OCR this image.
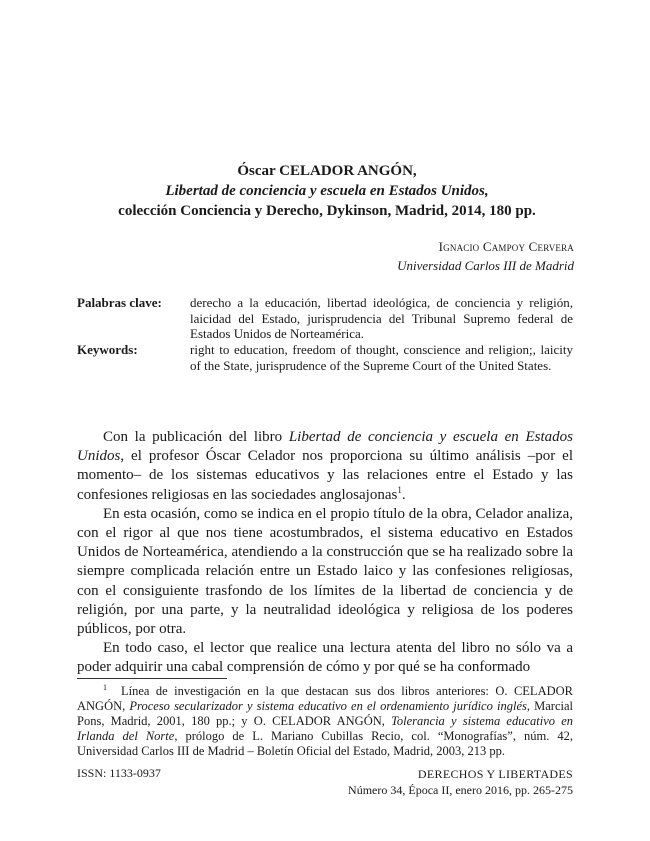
Óscar CELADOR ANGÓN,
Libertad de conciencia y escuela en Estados Unidos,
colección Conciencia y Derecho, Dykinson, Madrid, 2014, 180 pp.
Ignacio Campoy Cervera
Universidad Carlos III de Madrid
Palabras clave: derecho a la educación, libertad ideológica, de conciencia y religión, laicidad del Estado, jurisprudencia del Tribunal Supremo federal de Estados Unidos de Norteamérica.
Keywords:	right to education, freedom of thought, conscience and religion;, laicity of the State, jurisprudence of the Supreme Court of the United States.

Con la publicación del libro Libertad de conciencia y escuela en Estados Unidos, el profesor Óscar Celador nos proporciona su último análisis –por el momento– de los sistemas educativos y las relaciones entre el Estado y las confesiones religiosas en las sociedades anglosajonas$^1$.

En esta ocasión, como se indica en el propio título de la obra, Celador analiza, con el rigor al que nos tiene acostumbrados, el sistema educativo en Estados Unidos de Norteamérica, atendiendo a la construcción que se ha realizado sobre la siempre complicada relación entre un Estado laico y las confesiones religiosas, con el consiguiente trasfondo de los límites de la libertad de conciencia y de religión, por una parte, y la neutralidad ideológica y religiosa de los poderes públicos, por otra.

En todo caso, el lector que realice una lectura atenta del libro no sólo va a poder adquirir una cabal comprensión de cómo y por qué se ha conformado

$^1$ Línea de investigación en la que destacan sus dos libros anteriores: O. CELADOR ANGÓN, Proceso secularizador y sistema educativo en el ordenamiento jurídico inglés, Marcial Pons, Madrid, 2001, 180 pp.; y O. CELADOR ANGÓN, Tolerancia y sistema educativo en Irlanda del Norte, prólogo de L. Mariano Cubillas Recio, col. “Monografías”, núm. 42, Universidad Carlos III de Madrid – Boletín Oficial del Estado, Madrid, 2003, 213 pp.
ISSN: 1133-0937	DERECHOS Y LIBERTADES
Número 34, Época II, enero 2016, pp. 265-275
